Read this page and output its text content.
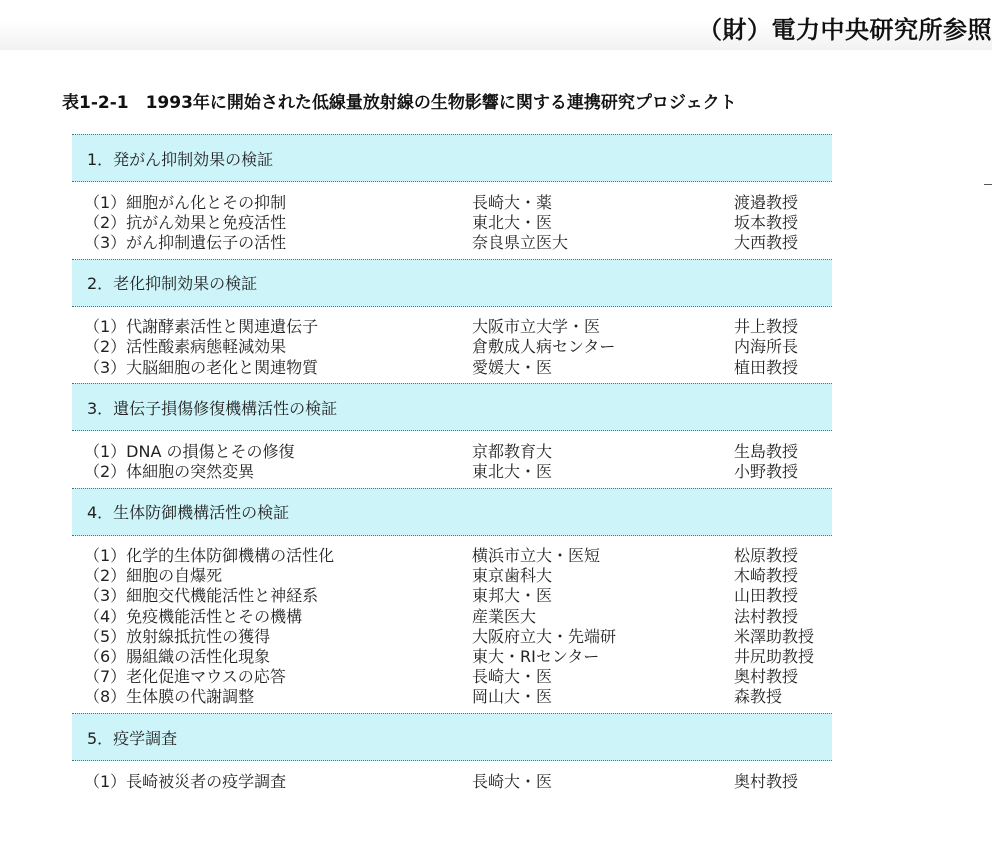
（財）電力中央研究所参照
表1-2-1　1993年に開始された低線量放射線の生物影響に関する連携研究プロジェクト
1．発がん抑制効果の検証
（1）細胞がん化とその抑制	長崎大・薬	渡邉教授
（2）抗がん効果と免疫活性	東北大・医	坂本教授
（3）がん抑制遺伝子の活性	奈良県立医大	大西教授
2．老化抑制効果の検証
（1）代謝酵素活性と関連遺伝子	大阪市立大学・医	井上教授
（2）活性酸素病態軽減効果	倉敷成人病センター	内海所長
（3）大脳細胞の老化と関連物質	愛媛大・医	植田教授
3．遺伝子損傷修復機構活性の検証
（1）DNA の損傷とその修復	京都教育大	生島教授
（2）体細胞の突然変異	東北大・医	小野教授
4．生体防御機構活性の検証
（1）化学的生体防御機構の活性化	横浜市立大・医短	松原教授
（2）細胞の自爆死	東京歯科大	木崎教授
（3）細胞交代機能活性と神経系	東邦大・医	山田教授
（4）免疫機能活性とその機構	産業医大	法村教授
（5）放射線抵抗性の獲得	大阪府立大・先端研	米澤助教授
（6）腸組織の活性化現象	東大・RIセンター	井尻助教授
（7）老化促進マウスの応答	長崎大・医	奥村教授
（8）生体膜の代謝調整	岡山大・医	森教授
5．疫学調査
（1）長崎被災者の疫学調査	長崎大・医	奥村教授
